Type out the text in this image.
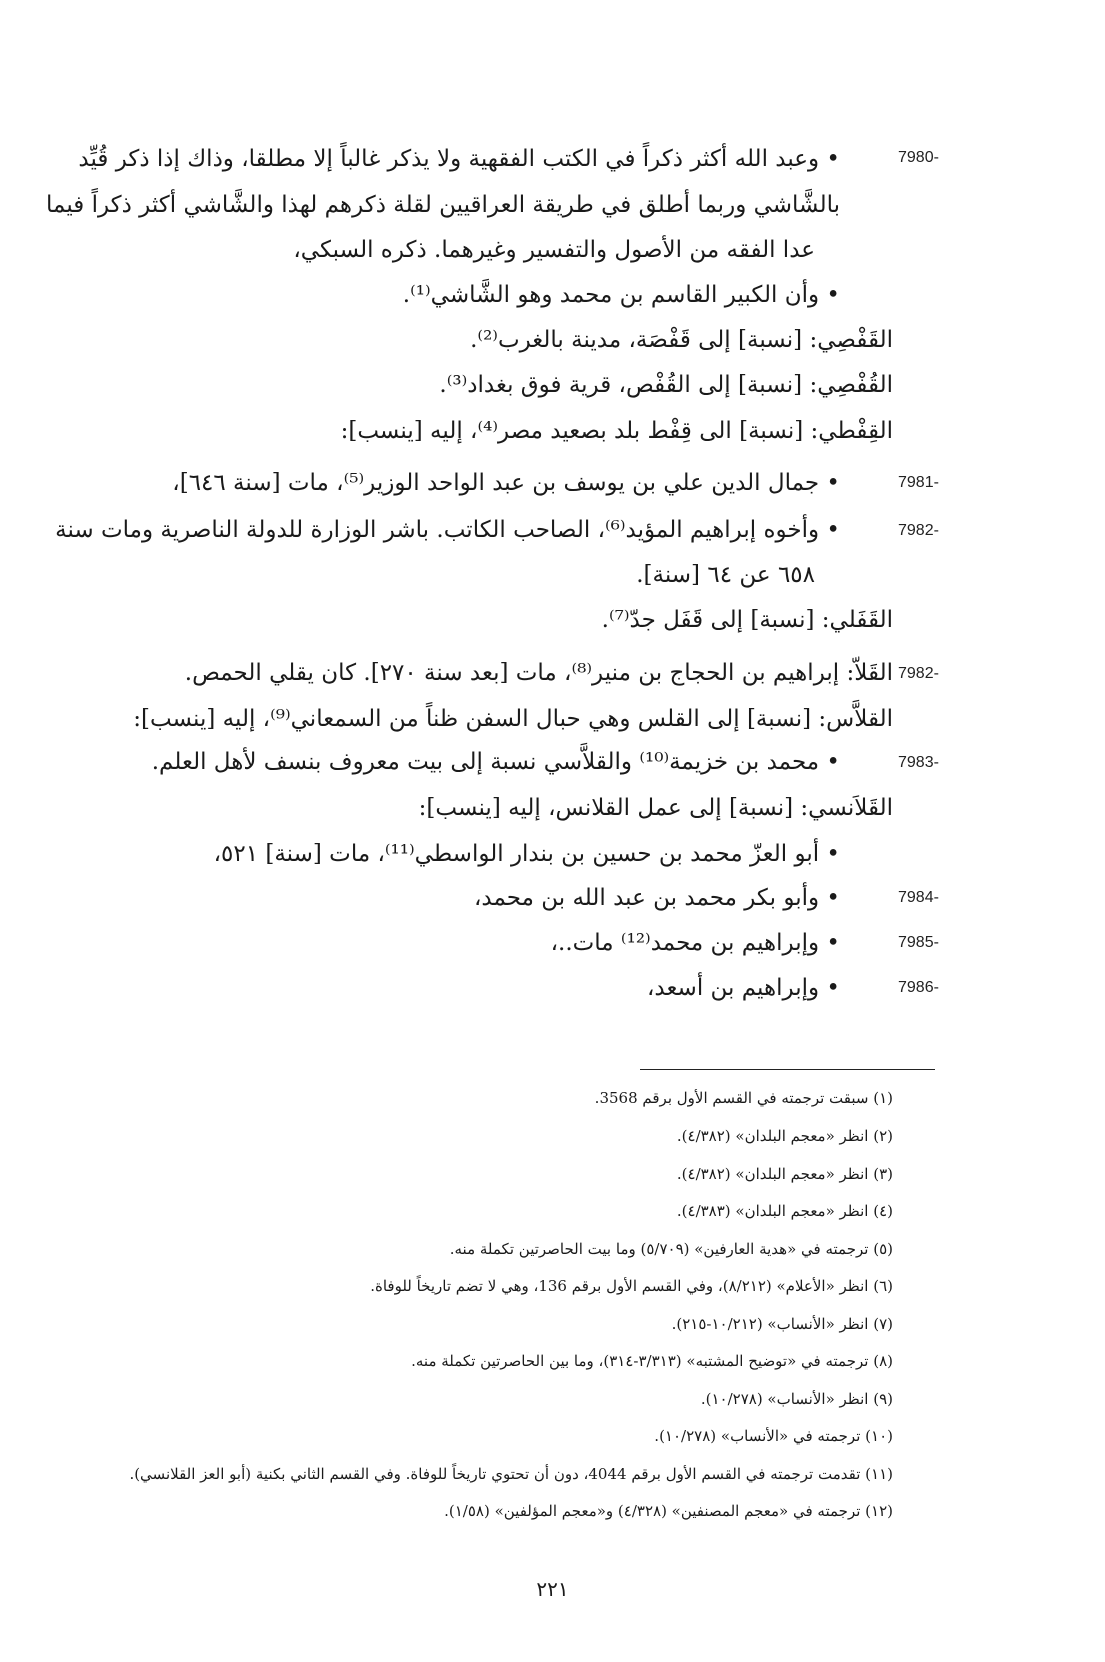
7980-
7981-
7982-
7982-
7983-
7984-
7985-
7986-
• وعبد الله أكثر ذكراً في الكتب الفقهية ولا يذكر غالباً إلا مطلقا، وذاك إذا ذكر قُيِّد
بالشَّاشي وربما أطلق في طريقة العراقيين لقلة ذكرهم لهذا والشَّاشي أكثر ذكراً فيما
عدا الفقه من الأصول والتفسير وغيرهما. ذكره السبكي،
• وأن الكبير القاسم بن محمد وهو الشَّاشي⁽¹⁾.
القَفْصِي: [نسبة] إلى قَفْصَة، مدينة بالغرب⁽²⁾.
القُفْصِي: [نسبة] إلى القُفْص، قرية فوق بغداد⁽³⁾.
القِفْطي: [نسبة] الى قِفْط بلد بصعيد مصر⁽⁴⁾، إليه [ينسب]:
• جمال الدين علي بن يوسف بن عبد الواحد الوزير⁽⁵⁾، مات [سنة ٦٤٦]،
• وأخوه إبراهيم المؤيد⁽⁶⁾، الصاحب الكاتب. باشر الوزارة للدولة الناصرية ومات سنة
٦٥٨ عن ٦٤ [سنة].
القَفَلي: [نسبة] إلى قَفَل جدّ⁽⁷⁾.
القَلاّ: إبراهيم بن الحجاج بن منير⁽⁸⁾، مات [بعد سنة ٢٧٠]. كان يقلي الحمص.
القلاَّس: [نسبة] إلى القلس وهي حبال السفن ظناً من السمعاني⁽⁹⁾، إليه [ينسب]:
• محمد بن خزيمة⁽¹⁰⁾ والقلاَّسي نسبة إلى بيت معروف بنسف لأهل العلم.
القَلاَنسي: [نسبة] إلى عمل القلانس، إليه [ينسب]:
• أبو العزّ محمد بن حسين بن بندار الواسطي⁽¹¹⁾، مات [سنة] ٥٢١،
• وأبو بكر محمد بن عبد الله بن محمد،
• وإبراهيم بن محمد⁽¹²⁾ مات..،
• وإبراهيم بن أسعد،
(١) سبقت ترجمته في القسم الأول برقم 3568.
(٢) انظر «معجم البلدان» (٤/٣٨٢).
(٣) انظر «معجم البلدان» (٤/٣٨٢).
(٤) انظر «معجم البلدان» (٤/٣٨٣).
(٥) ترجمته في «هدية العارفين» (٥/٧٠٩) وما بيت الحاصرتين تكملة منه.
(٦) انظر «الأعلام» (٨/٢١٢)، وفي القسم الأول برقم 136، وهي لا تضم تاريخاً للوفاة.
(٧) انظر «الأنساب» (١٠/٢١٢-٢١٥).
(٨) ترجمته في «توضيح المشتبه» (٣/٣١٣-٣١٤)، وما بين الحاصرتين تكملة منه.
(٩) انظر «الأنساب» (١٠/٢٧٨).
(١٠) ترجمته في «الأنساب» (١٠/٢٧٨).
(١١) تقدمت ترجمته في القسم الأول برقم 4044، دون أن تحتوي تاريخاً للوفاة. وفي القسم الثاني بكنية (أبو العز القلانسي).
(١٢) ترجمته في «معجم المصنفين» (٤/٣٢٨) و«معجم المؤلفين» (١/٥٨).
٢٢١
